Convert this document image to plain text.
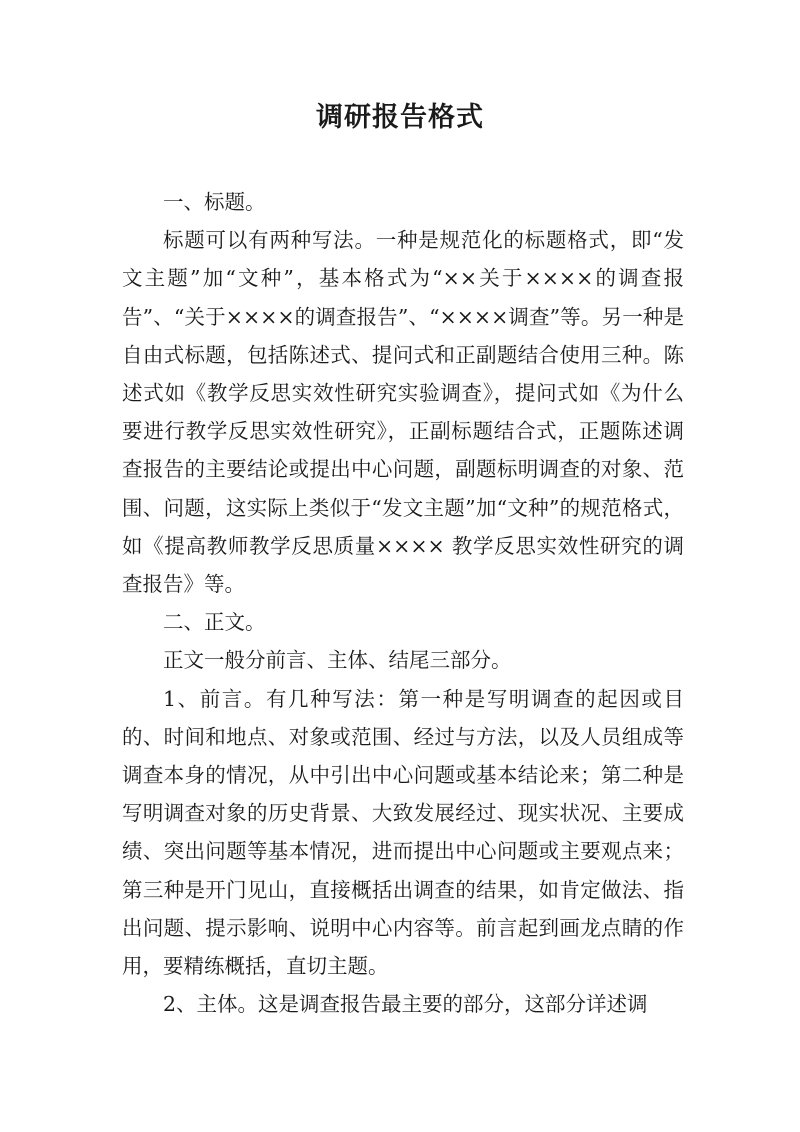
调研报告格式

一、标题。

标题可以有两种写法。一种是规范化的标题格式，即“发文主题”加“文种”，基本格式为“××关于××××的调查报告”、“关于××××的调查报告”、“××××调查”等。另一种是自由式标题，包括陈述式、提问式和正副题结合使用三种。陈述式如《教学反思实效性研究实验调查》，提问式如《为什么要进行教学反思实效性研究》，正副标题结合式，正题陈述调查报告的主要结论或提出中心问题，副题标明调查的对象、范围、问题，这实际上类似于“发文主题”加“文种”的规范格式，如《提高教师教学反思质量×××× 教学反思实效性研究的调查报告》等。

二、正文。

正文一般分前言、主体、结尾三部分。

1、前言。有几种写法：第一种是写明调查的起因或目的、时间和地点、对象或范围、经过与方法，以及人员组成等调查本身的情况，从中引出中心问题或基本结论来；第二种是写明调查对象的历史背景、大致发展经过、现实状况、主要成绩、突出问题等基本情况，进而提出中心问题或主要观点来；第三种是开门见山，直接概括出调查的结果，如肯定做法、指出问题、提示影响、说明中心内容等。前言起到画龙点睛的作用，要精练概括，直切主题。

2、主体。这是调查报告最主要的部分，这部分详述调
